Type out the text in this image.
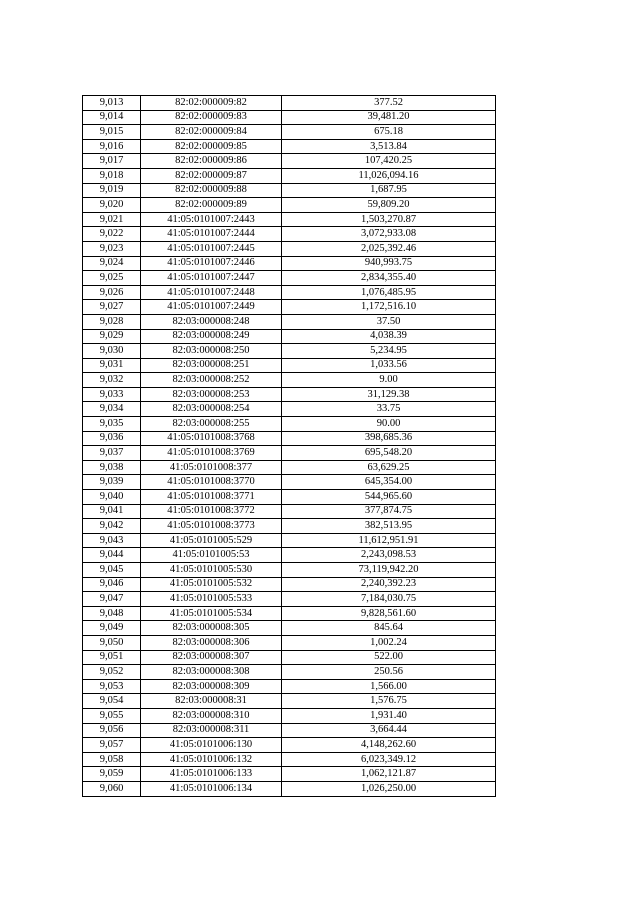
9,013	82:02:000009:82	377.52
9,014	82:02:000009:83	39,481.20
9,015	82:02:000009:84	675.18
9,016	82:02:000009:85	3,513.84
9,017	82:02:000009:86	107,420.25
9,018	82:02:000009:87	11,026,094.16
9,019	82:02:000009:88	1,687.95
9,020	82:02:000009:89	59,809.20
9,021	41:05:0101007:2443	1,503,270.87
9,022	41:05:0101007:2444	3,072,933.08
9,023	41:05:0101007:2445	2,025,392.46
9,024	41:05:0101007:2446	940,993.75
9,025	41:05:0101007:2447	2,834,355.40
9,026	41:05:0101007:2448	1,076,485.95
9,027	41:05:0101007:2449	1,172,516.10
9,028	82:03:000008:248	37.50
9,029	82:03:000008:249	4,038.39
9,030	82:03:000008:250	5,234.95
9,031	82:03:000008:251	1,033.56
9,032	82:03:000008:252	9.00
9,033	82:03:000008:253	31,129.38
9,034	82:03:000008:254	33.75
9,035	82:03:000008:255	90.00
9,036	41:05:0101008:3768	398,685.36
9,037	41:05:0101008:3769	695,548.20
9,038	41:05:0101008:377	63,629.25
9,039	41:05:0101008:3770	645,354.00
9,040	41:05:0101008:3771	544,965.60
9,041	41:05:0101008:3772	377,874.75
9,042	41:05:0101008:3773	382,513.95
9,043	41:05:0101005:529	11,612,951.91
9,044	41:05:0101005:53	2,243,098.53
9,045	41:05:0101005:530	73,119,942.20
9,046	41:05:0101005:532	2,240,392.23
9,047	41:05:0101005:533	7,184,030.75
9,048	41:05:0101005:534	9,828,561.60
9,049	82:03:000008:305	845.64
9,050	82:03:000008:306	1,002.24
9,051	82:03:000008:307	522.00
9,052	82:03:000008:308	250.56
9,053	82:03:000008:309	1,566.00
9,054	82:03:000008:31	1,576.75
9,055	82:03:000008:310	1,931.40
9,056	82:03:000008:311	3,664.44
9,057	41:05:0101006:130	4,148,262.60
9,058	41:05:0101006:132	6,023,349.12
9,059	41:05:0101006:133	1,062,121.87
9,060	41:05:0101006:134	1,026,250.00
